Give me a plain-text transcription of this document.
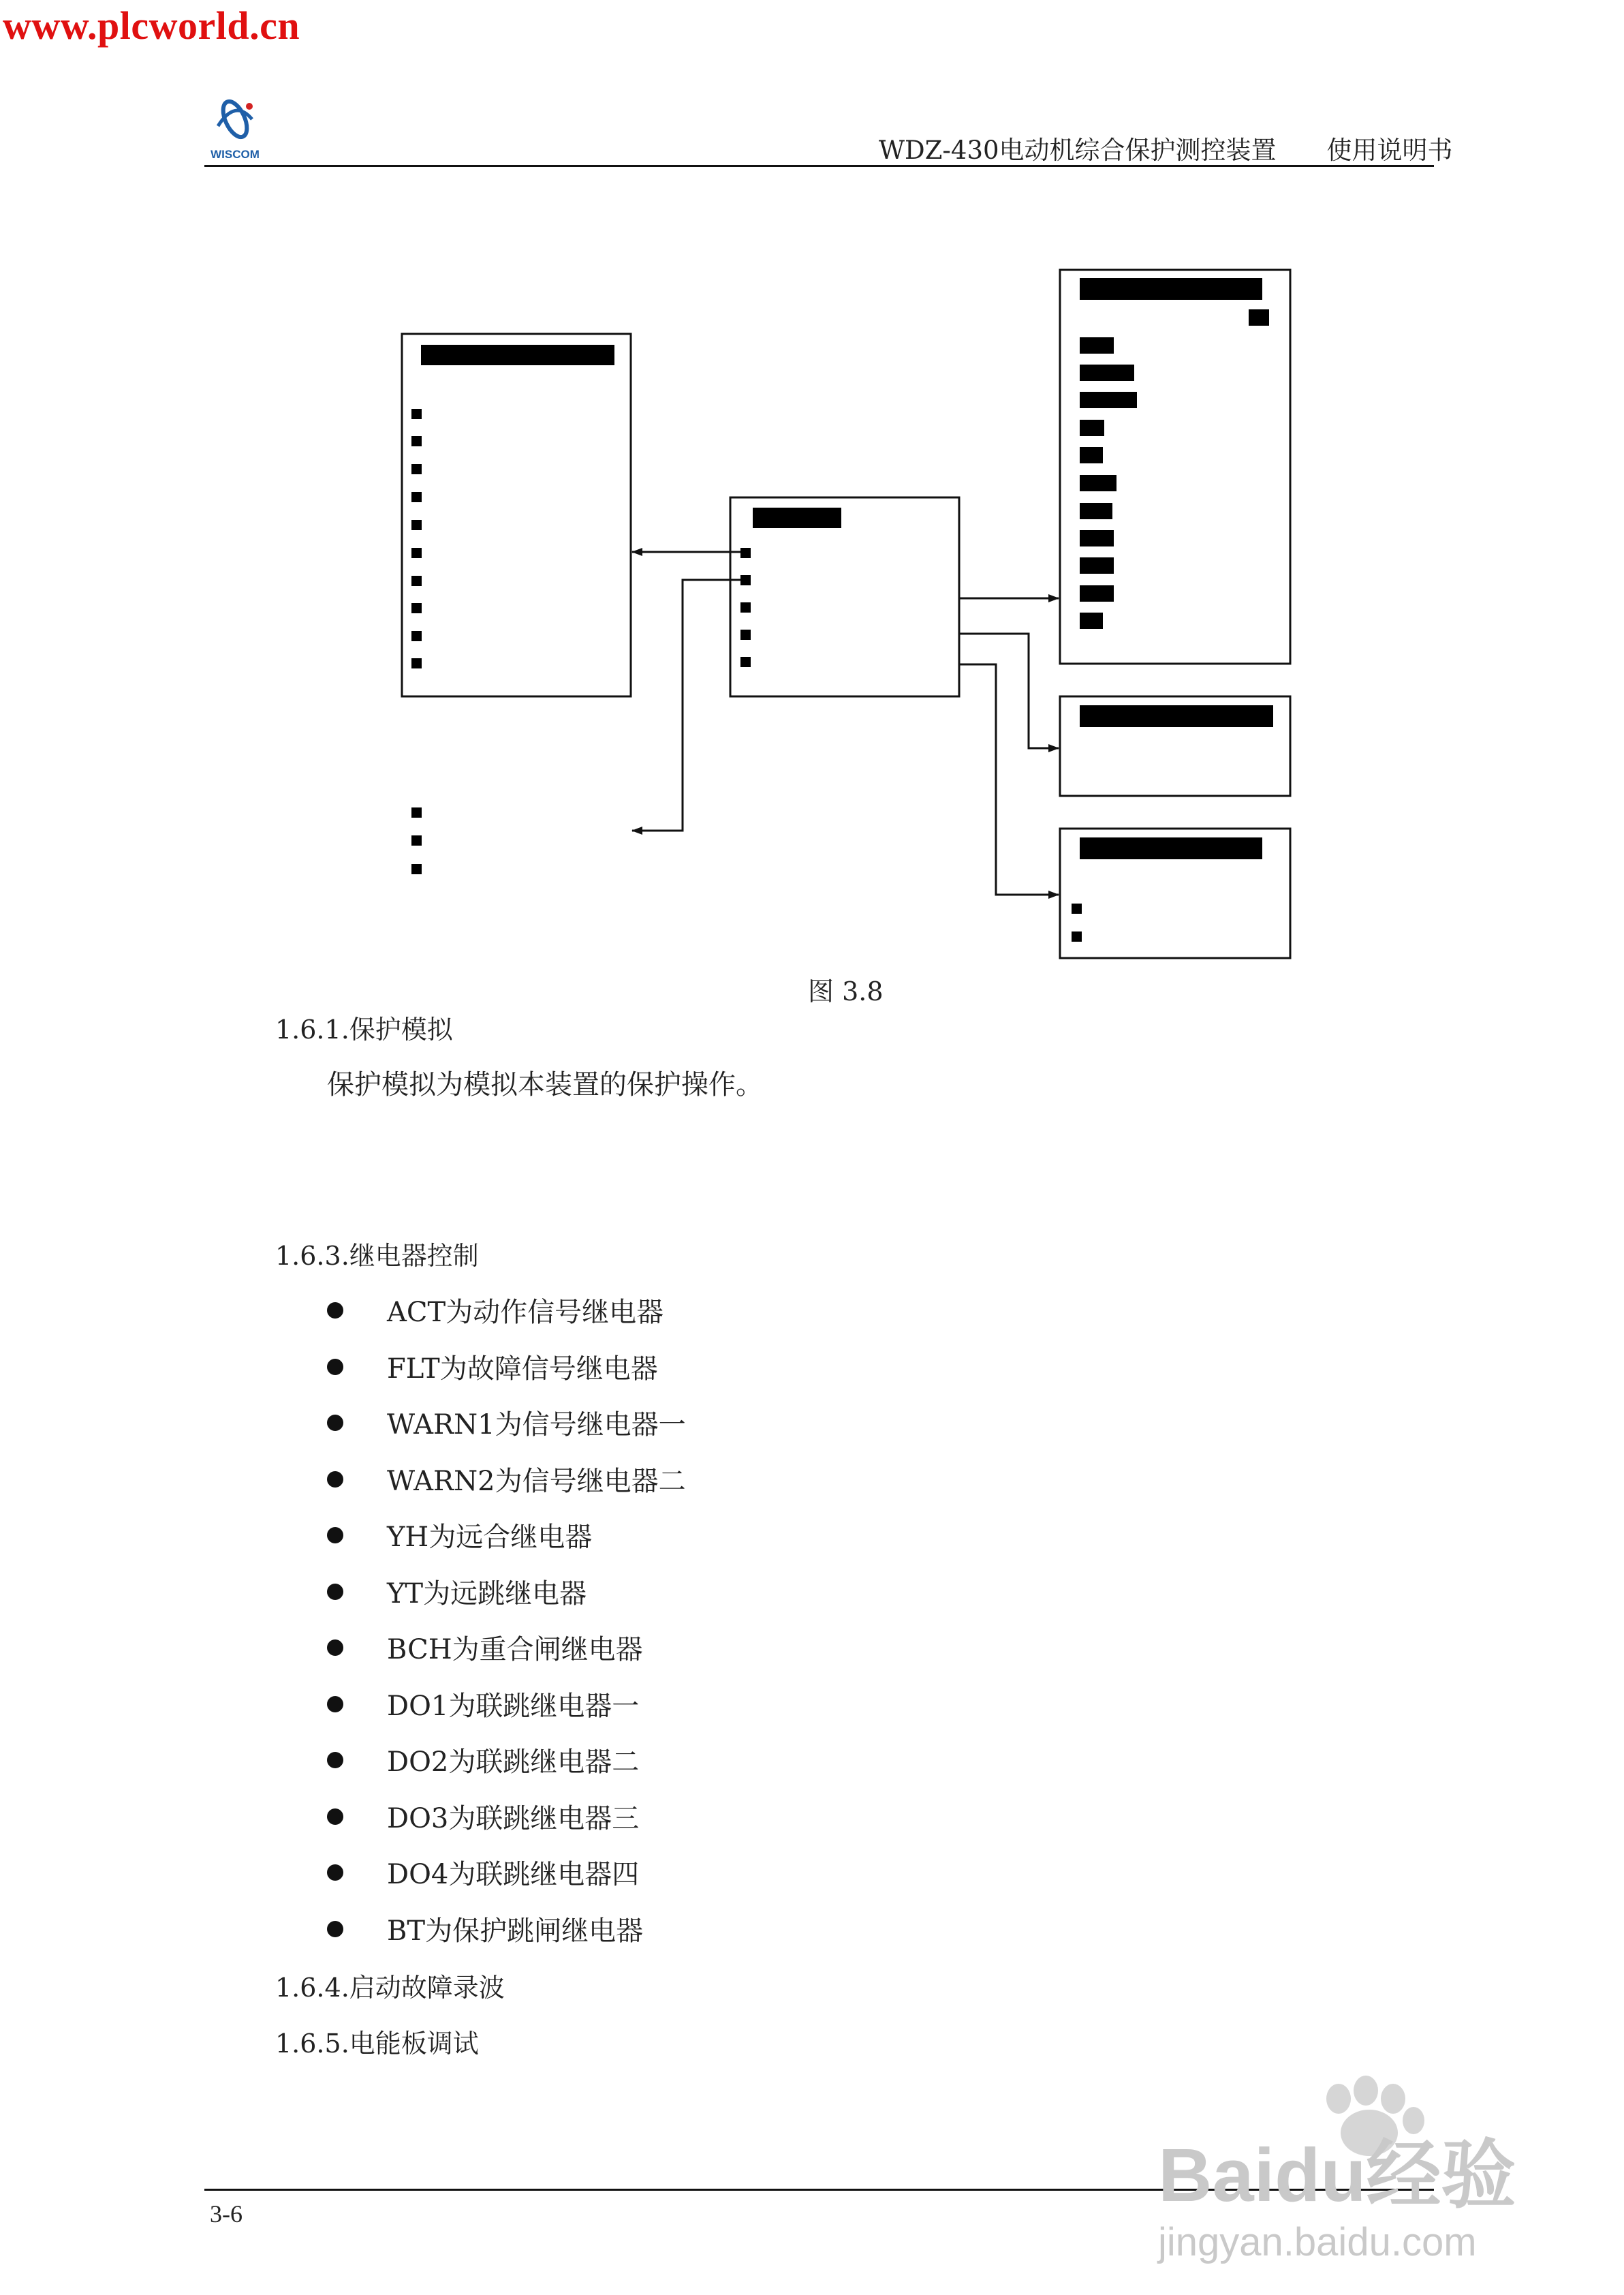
www.plcworld.cn
WISCOM	WDZ-430电动机综合保护测控装置 使用说明书
图 3.8
1.6.1.保护模拟
保护模拟为模拟本装置的保护操作。
1.6.3.继电器控制
ACT为动作信号继电器
FLT为故障信号继电器
WARN1为信号继电器一
WARN2为信号继电器二
YH为远合继电器
YT为远跳继电器
BCH为重合闸继电器
DO1为联跳继电器一
DO2为联跳继电器二
DO3为联跳继电器三
DO4为联跳继电器四
BT为保护跳闸继电器
1.6.4.启动故障录波
1.6.5.电能板调试
3-6	Baidu经验
jingyan.baidu.com
